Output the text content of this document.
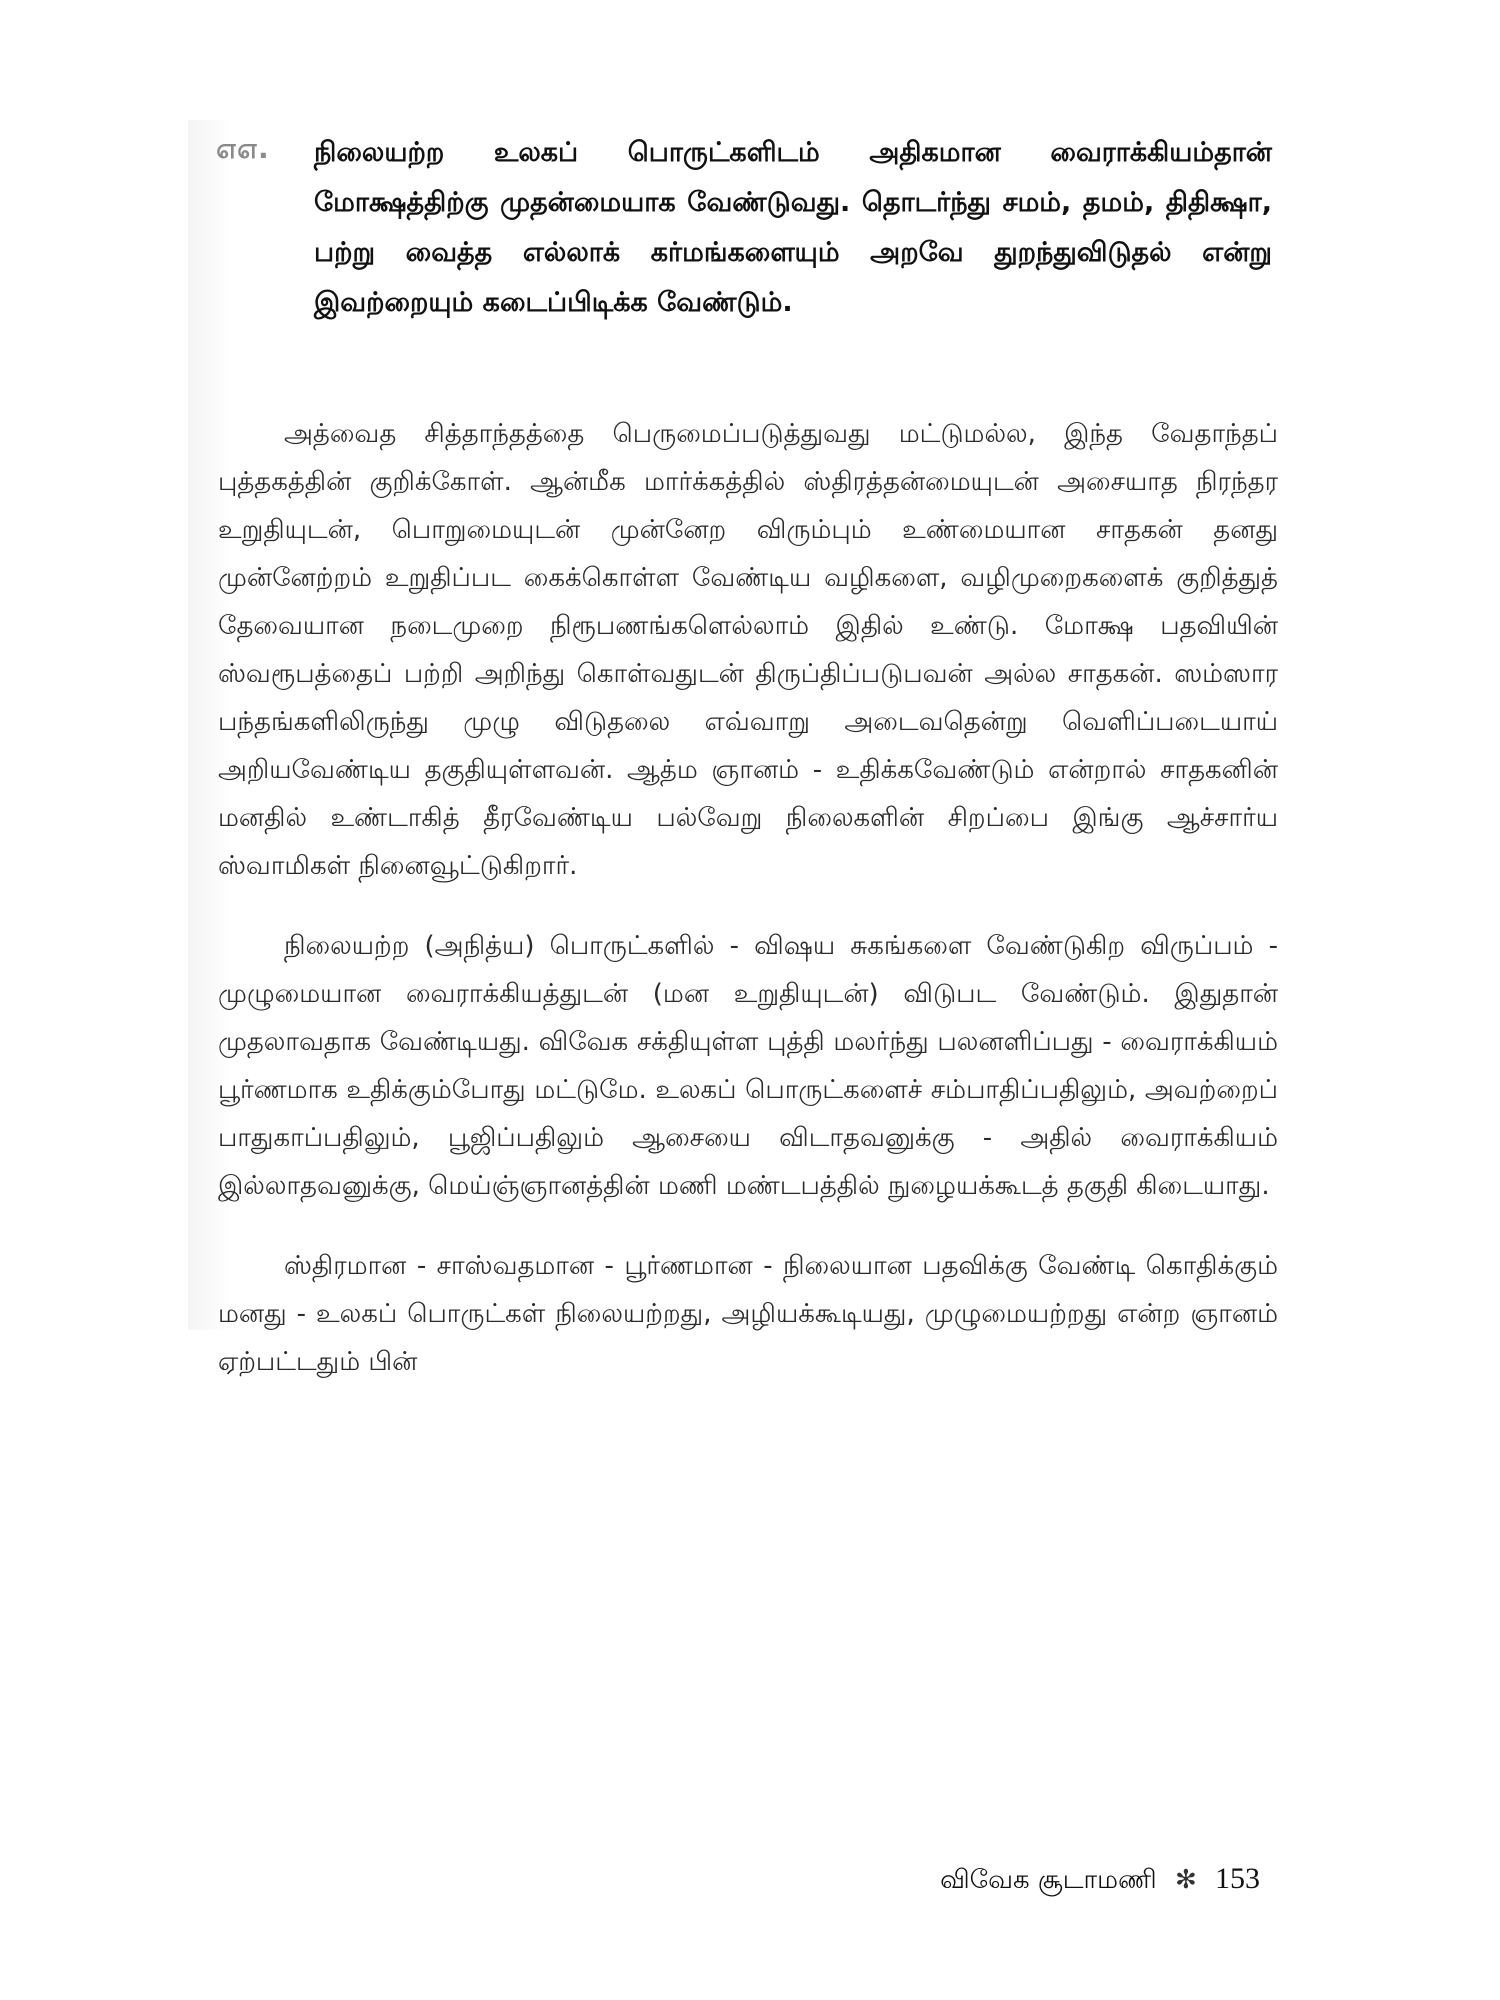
௭௭. நிலையற்ற உலகப் பொருட்களிடம் அதிகமான வைராக்கியம்தான் மோக்ஷத்திற்கு முதன்மையாக வேண்டுவது. தொடர்ந்து சமம், தமம், திதிக்ஷா, பற்று வைத்த எல்லாக் கர்மங்களையும் அறவே துறந்துவிடுதல் என்று இவற்றையும் கடைப்பிடிக்க வேண்டும்.

அத்வைத சித்தாந்தத்தை பெருமைப்படுத்துவது மட்டுமல்ல, இந்த வேதாந்தப் புத்தகத்தின் குறிக்கோள். ஆன்மீக மார்க்கத்தில் ஸ்திரத்தன்மையுடன் அசையாத நிரந்தர உறுதியுடன், பொறுமையுடன் முன்னேற விரும்பும் உண்மையான சாதகன் தனது முன்னேற்றம் உறுதிப்பட கைக்கொள்ள வேண்டிய வழிகளை, வழிமுறைகளைக் குறித்துத் தேவையான நடைமுறை நிரூபணங்களெல்லாம் இதில் உண்டு. மோக்ஷ பதவியின் ஸ்வரூபத்தைப் பற்றி அறிந்து கொள்வதுடன் திருப்திப்படுபவன் அல்ல சாதகன். ஸம்ஸார பந்தங்களிலிருந்து முழு விடுதலை எவ்வாறு அடைவதென்று வெளிப்படையாய் அறியவேண்டிய தகுதியுள்ளவன். ஆத்ம ஞானம் - உதிக்கவேண்டும் என்றால் சாதகனின் மனதில் உண்டாகித் தீரவேண்டிய பல்வேறு நிலைகளின் சிறப்பை இங்கு ஆச்சார்ய ஸ்வாமிகள் நினைவூட்டுகிறார்.

நிலையற்ற (அநித்ய) பொருட்களில் - விஷய சுகங்களை வேண்டுகிற விருப்பம் - முழுமையான வைராக்கியத்துடன் (மன உறுதியுடன்) விடுபட வேண்டும். இதுதான் முதலாவதாக வேண்டியது. விவேக சக்தியுள்ள புத்தி மலர்ந்து பலனளிப்பது - வைராக்கியம் பூர்ணமாக உதிக்கும்போது மட்டுமே. உலகப் பொருட்களைச் சம்பாதிப்பதிலும், அவற்றைப் பாதுகாப்பதிலும், பூஜிப்பதிலும் ஆசையை விடாதவனுக்கு - அதில் வைராக்கியம் இல்லாதவனுக்கு, மெய்ஞ்ஞானத்தின் மணி மண்டபத்தில் நுழையக்கூடத் தகுதி கிடையாது.

ஸ்திரமான - சாஸ்வதமான - பூர்ணமான - நிலையான பதவிக்கு வேண்டி கொதிக்கும் மனது - உலகப் பொருட்கள் நிலையற்றது, அழியக்கூடியது, முழுமையற்றது என்ற ஞானம் ஏற்பட்டதும் பின்

விவேக சூடாமணி ✻ 153
